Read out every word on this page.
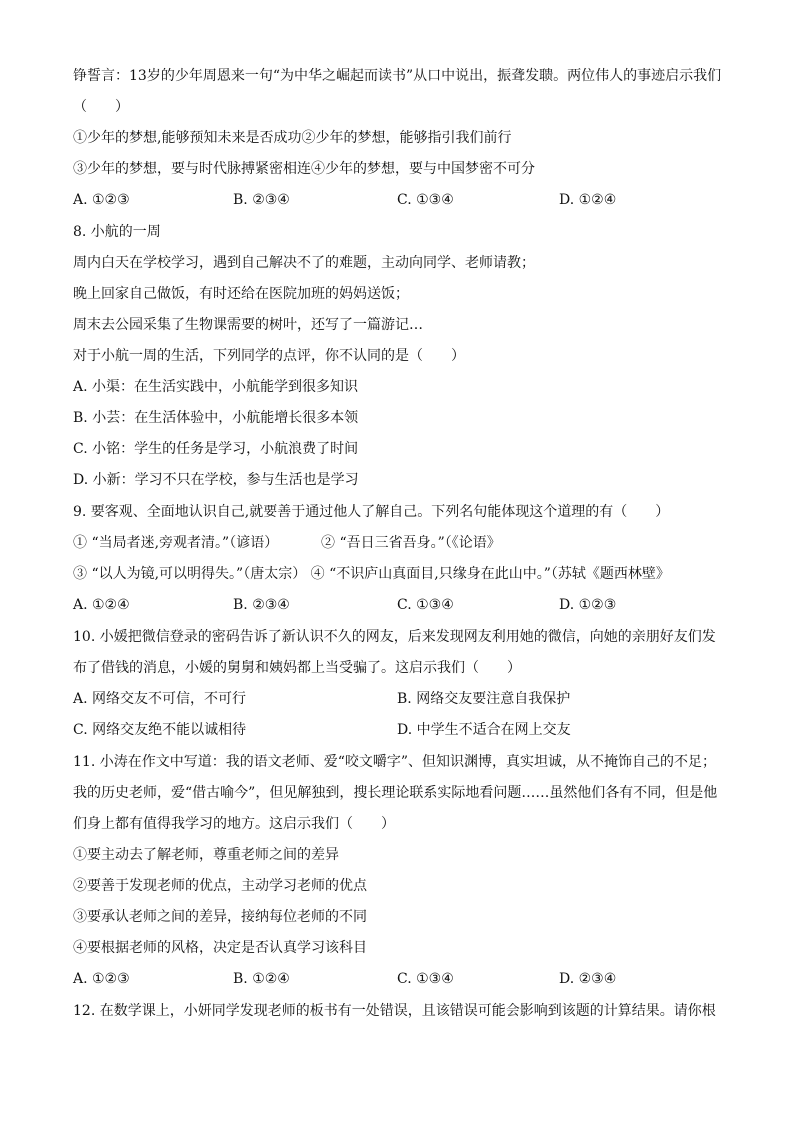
铮誓言：13岁的少年周恩来一句“为中华之崛起而读书”从口中说出，振聋发聩。两位伟人的事迹启示我们
（　　）
①少年的梦想,能够预知未来是否成功②少年的梦想，能够指引我们前行
③少年的梦想，要与时代脉搏紧密相连④少年的梦想，要与中国梦密不可分
A. ①②③	B. ②③④	C. ①③④	D. ①②④
8. 小航的一周
周内白天在学校学习，遇到自己解决不了的难题，主动向同学、老师请教；
晚上回家自己做饭，有时还给在医院加班的妈妈送饭；
周末去公园采集了生物课需要的树叶，还写了一篇游记…
对于小航一周的生活，下列同学的点评，你不认同的是（　　）
A. 小渠：在生活实践中，小航能学到很多知识
B. 小芸：在生活体验中，小航能增长很多本领
C. 小铭：学生的任务是学习，小航浪费了时间
D. 小新：学习不只在学校，参与生活也是学习
9. 要客观、全面地认识自己,就要善于通过他人了解自己。下列名句能体现这个道理的有（　　）
① “当局者迷,旁观者清。”（谚语）	② “吾日三省吾身。”（《论语》
③ “以人为镜,可以明得失。”（唐太宗） ④ “不识庐山真面目,只缘身在此山中。”（苏轼《题西林壁》
A. ①②④	B. ②③④	C. ①③④	D. ①②③
10. 小媛把微信登录的密码告诉了新认识不久的网友，后来发现网友利用她的微信，向她的亲朋好友们发
布了借钱的消息，小媛的舅舅和姨妈都上当受骗了。这启示我们（　　）
A. 网络交友不可信，不可行	B. 网络交友要注意自我保护
C. 网络交友绝不能以诚相待	D. 中学生不适合在网上交友
11. 小涛在作文中写道：我的语文老师、爱“咬文嚼字”、但知识渊博，真实坦诚，从不掩饰自己的不足；
我的历史老师，爱“借古喻今”，但见解独到，搜长理论联系实际地看问题……虽然他们各有不同，但是他
们身上都有值得我学习的地方。这启示我们（　　）
①要主动去了解老师，尊重老师之间的差异
②要善于发现老师的优点，主动学习老师的优点
③要承认老师之间的差异，接纳每位老师的不同
④要根据老师的风格，决定是否认真学习该科目
A. ①②③	B. ①②④	C. ①③④	D. ②③④
12. 在数学课上，小妍同学发现老师的板书有一处错误，且该错误可能会影响到该题的计算结果。请你根
